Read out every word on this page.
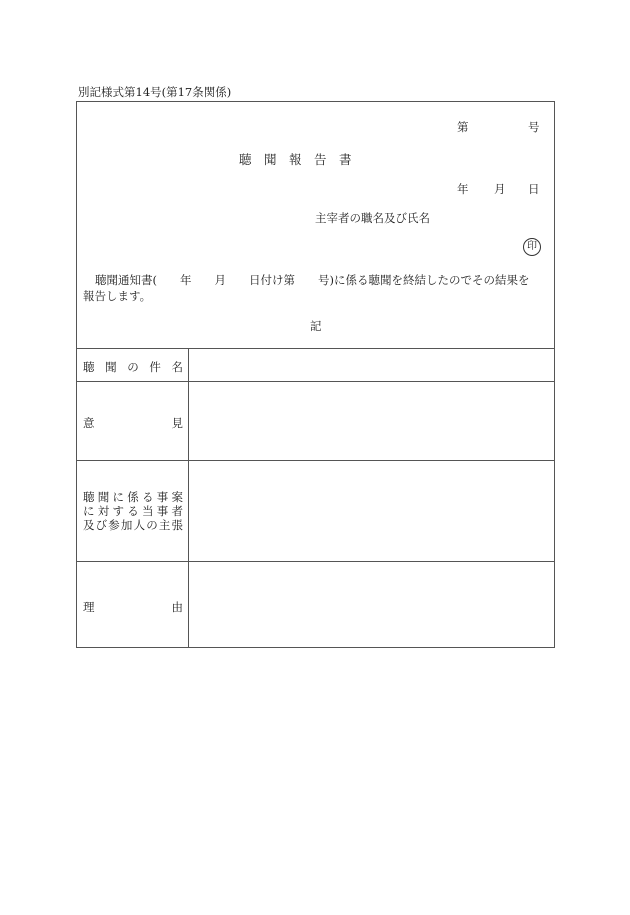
別記様式第14号(第17条関係)
第	号
聴　聞　報　告　書
年 月 日
主宰者の職名及び氏名
印
聴聞通知書(　　年　　月　　日付け第　　号)に係る聴聞を終結したのでその結果を
報告します。
記
聴 聞 の 件 名
意	見
聴 聞 に 係 る 事 案
に 対 す る 当 事 者
及 び 参 加 人 の 主 張
理	由
